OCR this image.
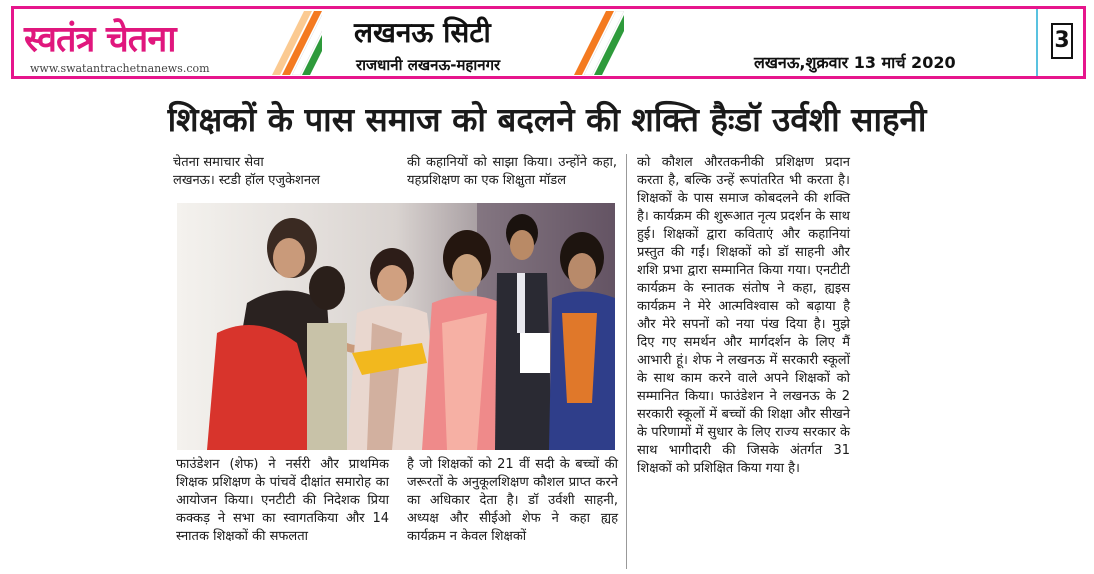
स्वतंत्र चेतना
www.swatantrachetnanews.com
लखनऊ सिटी
राजधानी लखनऊ-महानगर	लखनऊ,शुक्रवार 13 मार्च 2020
3
शिक्षकों के पास समाज को बदलने की शक्ति हैःडॉ उर्वशी साहनी

चेतना समाचार सेवा

लखनऊ। स्टडी हॉल एजुकेशनल

की कहानियों को साझा किया। उन्होंने कहा, यहप्रशिक्षण का एक शिक्षुता मॉडल

फाउंडेशन (शेफ) ने नर्सरी और प्राथमिक शिक्षक प्रशिक्षण के पांचवें दीक्षांत समारोह का आयोजन किया। एनटीटी की निदेशक प्रिया कक्कड़ ने सभा का स्वागतकिया और 14 स्नातक शिक्षकों की सफलता

है जो शिक्षकों को 21 वीं सदी के बच्चों की जरूरतों के अनुकूलशिक्षण कौशल प्राप्त करने का अधिकार देता है। डॉ उर्वशी साहनी, अध्यक्ष और सीईओ शेफ ने कहा ह्यह कार्यक्रम न केवल शिक्षकों

को कौशल औरतकनीकी प्रशिक्षण प्रदान करता है, बल्कि उन्हें रूपांतरित भी करता है। शिक्षकों के पास समाज कोबदलने की शक्ति है। कार्यक्रम की शुरूआत नृत्य प्रदर्शन के साथ हुई। शिक्षकों द्वारा कविताएं और कहानियां प्रस्तुत की गईं। शिक्षकों को डॉ साहनी और शशि प्रभा द्वारा सम्मानित किया गया। एनटीटी कार्यक्रम के स्नातक संतोष ने कहा, ह्यइस कार्यक्रम ने मेरे आत्मविश्वास को बढ़ाया है और मेरे सपनों को नया पंख दिया है। मुझे दिए गए समर्थन और मार्गदर्शन के लिए मैं आभारी हूं। शेफ ने लखनऊ में सरकारी स्कूलों के साथ काम करने वाले अपने शिक्षकों को सम्मानित किया। फाउंडेशन ने लखनऊ के 2 सरकारी स्कूलों में बच्चों की शिक्षा और सीखने के परिणामों में सुधार के लिए राज्य सरकार के साथ भागीदारी की जिसके अंतर्गत 31 शिक्षकों को प्रशिक्षित किया गया है।
